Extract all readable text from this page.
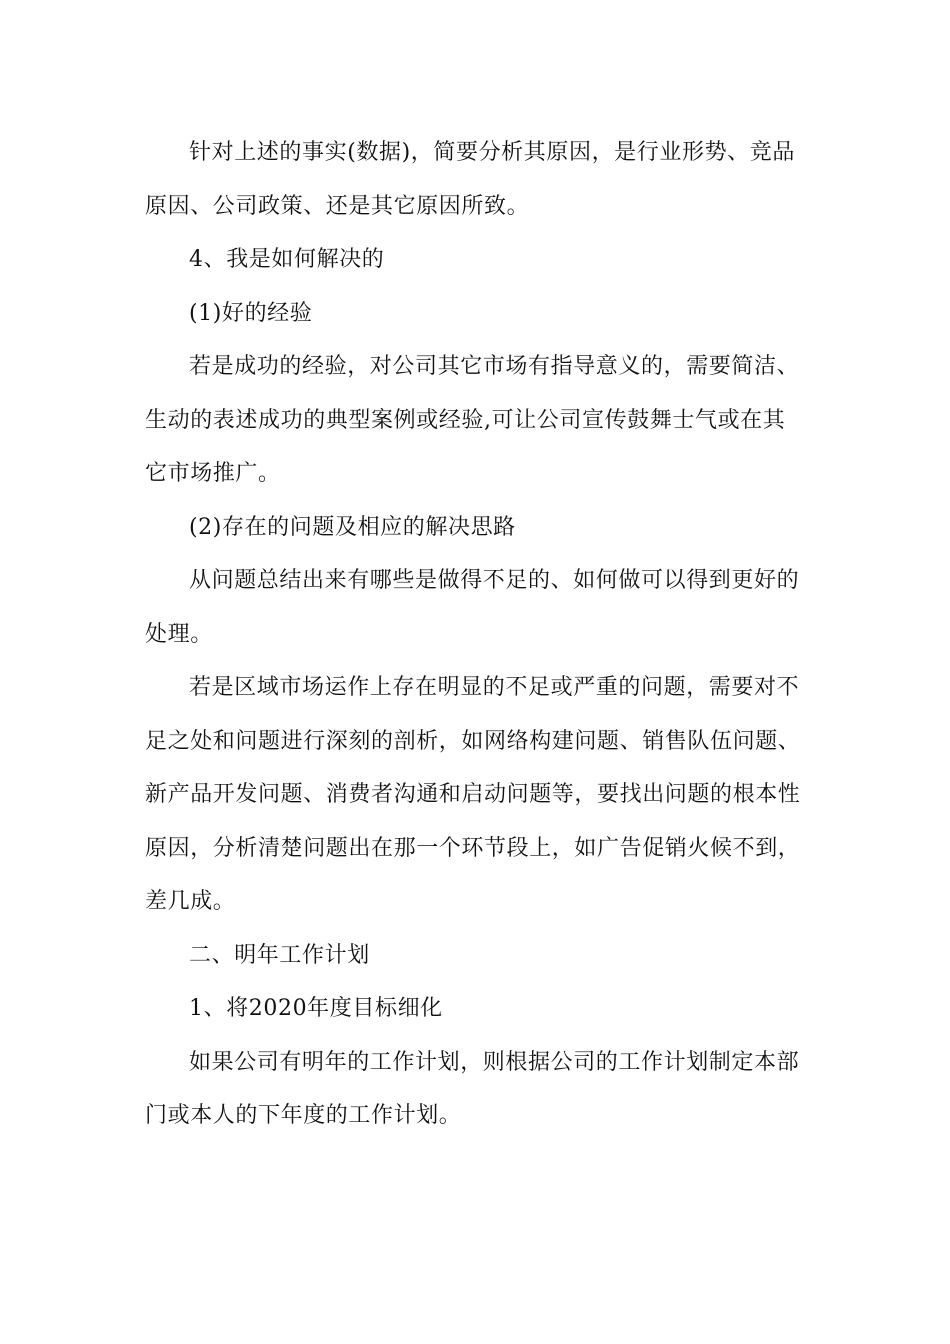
针对上述的事实(数据)，简要分析其原因，是行业形势、竞品原因、公司政策、还是其它原因所致。

4、我是如何解决的

(1)好的经验

若是成功的经验，对公司其它市场有指导意义的，需要简洁、生动的表述成功的典型案例或经验,可让公司宣传鼓舞士气或在其它市场推广。

(2)存在的问题及相应的解决思路

从问题总结出来有哪些是做得不足的、如何做可以得到更好的处理。

若是区域市场运作上存在明显的不足或严重的问题，需要对不足之处和问题进行深刻的剖析，如网络构建问题、销售队伍问题、新产品开发问题、消费者沟通和启动问题等，要找出问题的根本性原因，分析清楚问题出在那一个环节段上，如广告促销火候不到，差几成。

二、明年工作计划

1、将2020年度目标细化

如果公司有明年的工作计划，则根据公司的工作计划制定本部门或本人的下年度的工作计划。
